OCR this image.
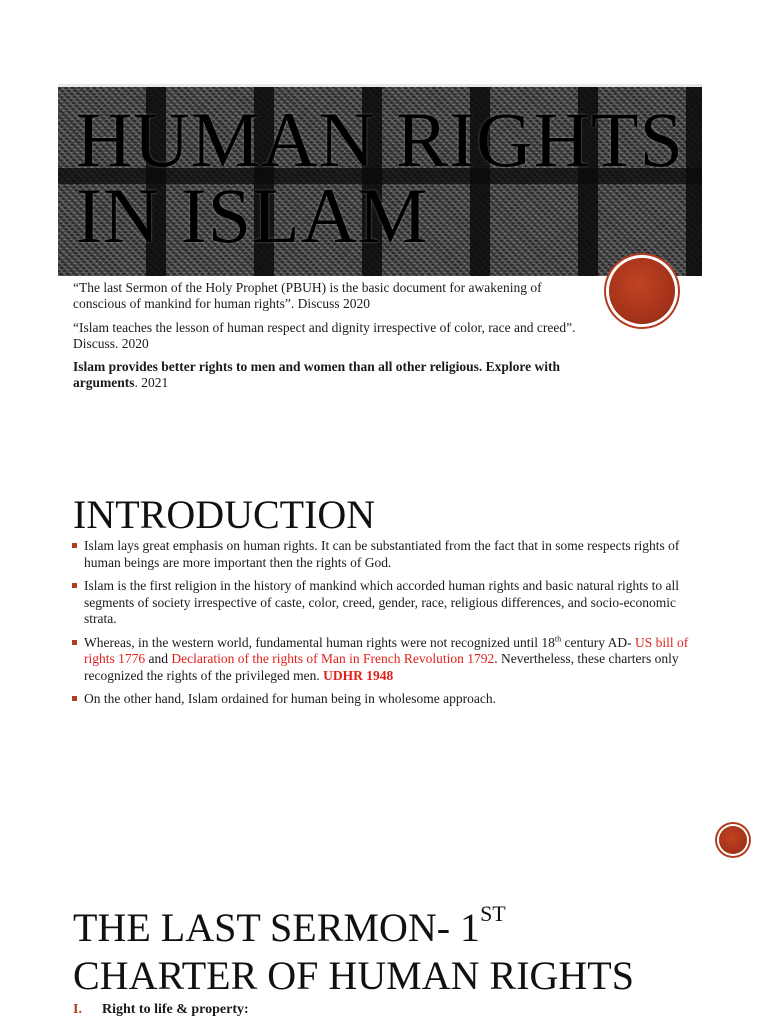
HUMAN RIGHTS IN ISLAM
“The last Sermon of the Holy Prophet (PBUH) is the basic document for awakening of conscious of mankind for human rights”. Discuss 2020
“Islam teaches the lesson of human respect and dignity irrespective of color, race and creed”. Discuss. 2020
Islam provides better rights to men and women than all other religious. Explore with arguments. 2021
INTRODUCTION
Islam lays great emphasis on human rights. It can be substantiated from the fact that in some respects rights of human beings are more important then the rights of God.
Islam is the first religion in the history of mankind which accorded human rights and basic natural rights to all segments of society irrespective of caste, color, creed, gender, race, religious differences, and socio-economic strata.
Whereas, in the western world, fundamental human rights were not recognized until 18th century AD- US bill of rights 1776 and Declaration of the rights of Man in French Revolution 1792. Nevertheless, these charters only recognized the rights of the privileged men. UDHR 1948
On the other hand, Islam ordained for human being in wholesome approach.
THE LAST SERMON- 1ST
CHARTER OF HUMAN RIGHTS
I. Right to life & property:
